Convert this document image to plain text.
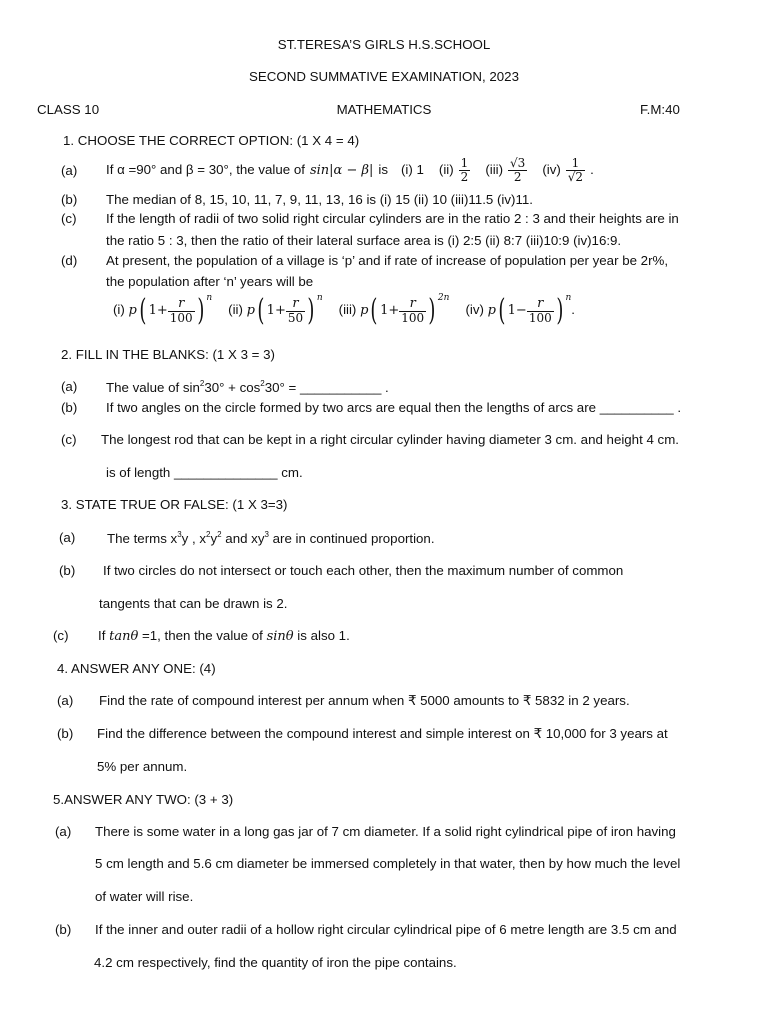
ST.TERESA’S GIRLS H.S.SCHOOL
SECOND SUMMATIVE EXAMINATION, 2023
CLASS 10	MATHEMATICS	F.M:40
1. CHOOSE THE CORRECT OPTION: (1 X 4 = 4)
(a) If α =90° and β = 30°, the value of sin|α − β| is (i) 1 $(ii) \frac{1}{2} (iii) \frac{√3}{2} (iv) \frac{1}{√2}$ .
(b) The median of 8, 15, 10, 11, 7, 9, 11, 13, 16 is (i) 15 (ii) 10 (iii)11.5 (iv)11.
(c) If the length of radii of two solid right circular cylinders are in the ratio 2 : 3 and their heights are in
the ratio 5 : 3, then the ratio of their lateral surface area is (i) 2:5 (ii) 8:7 (iii)10:9 (iv)16:9.
(d) At present, the population of a village is ‘p’ and if rate of increase of population per year be 2r%,
the population after ‘n’ years will be
(i) p( $1+ \frac{r}{100}$ ) $^n$
(ii) p( $1+ \frac{r}{50}$ ) $^n$
(iii) p( $1+ \frac{r}{100}$ ) $^{2n}$
(iv) p( $1- \frac{r}{100}$ ) $^n$.
2. FILL IN THE BLANKS: (1 X 3 = 3)
(a) The value of $\sin^230^\circ + \cos^230^\circ$ = ___________ .
(b) If two angles on the circle formed by two arcs are equal then the lengths of arcs are __________ .
(c) The longest rod that can be kept in a right circular cylinder having diameter 3 cm. and height 4 cm.
is of length ______________ cm.
3. STATE TRUE OR FALSE: (1 X 3=3)
(a) The terms $x^3y$ , $x^2y^2$ and $xy^3$ are in continued proportion.
(b) If two circles do not intersect or touch each other, then the maximum number of common
tangents that can be drawn is 2.
(c) If tanθ =1, then the value of sinθ is also 1.
4. ANSWER ANY ONE: (4)
(a) Find the rate of compound interest per annum when ₹ 5000 amounts to ₹ 5832 in 2 years.
(b) Find the difference between the compound interest and simple interest on ₹ 10,000 for 3 years at
5% per annum.
5.ANSWER ANY TWO: (3 + 3)
(a) There is some water in a long gas jar of 7 cm diameter. If a solid right cylindrical pipe of iron having
5 cm length and 5.6 cm diameter be immersed completely in that water, then by how much the level
of water will rise.
(b) If the inner and outer radii of a hollow right circular cylindrical pipe of 6 metre length are 3.5 cm and
4.2 cm respectively, find the quantity of iron the pipe contains.
